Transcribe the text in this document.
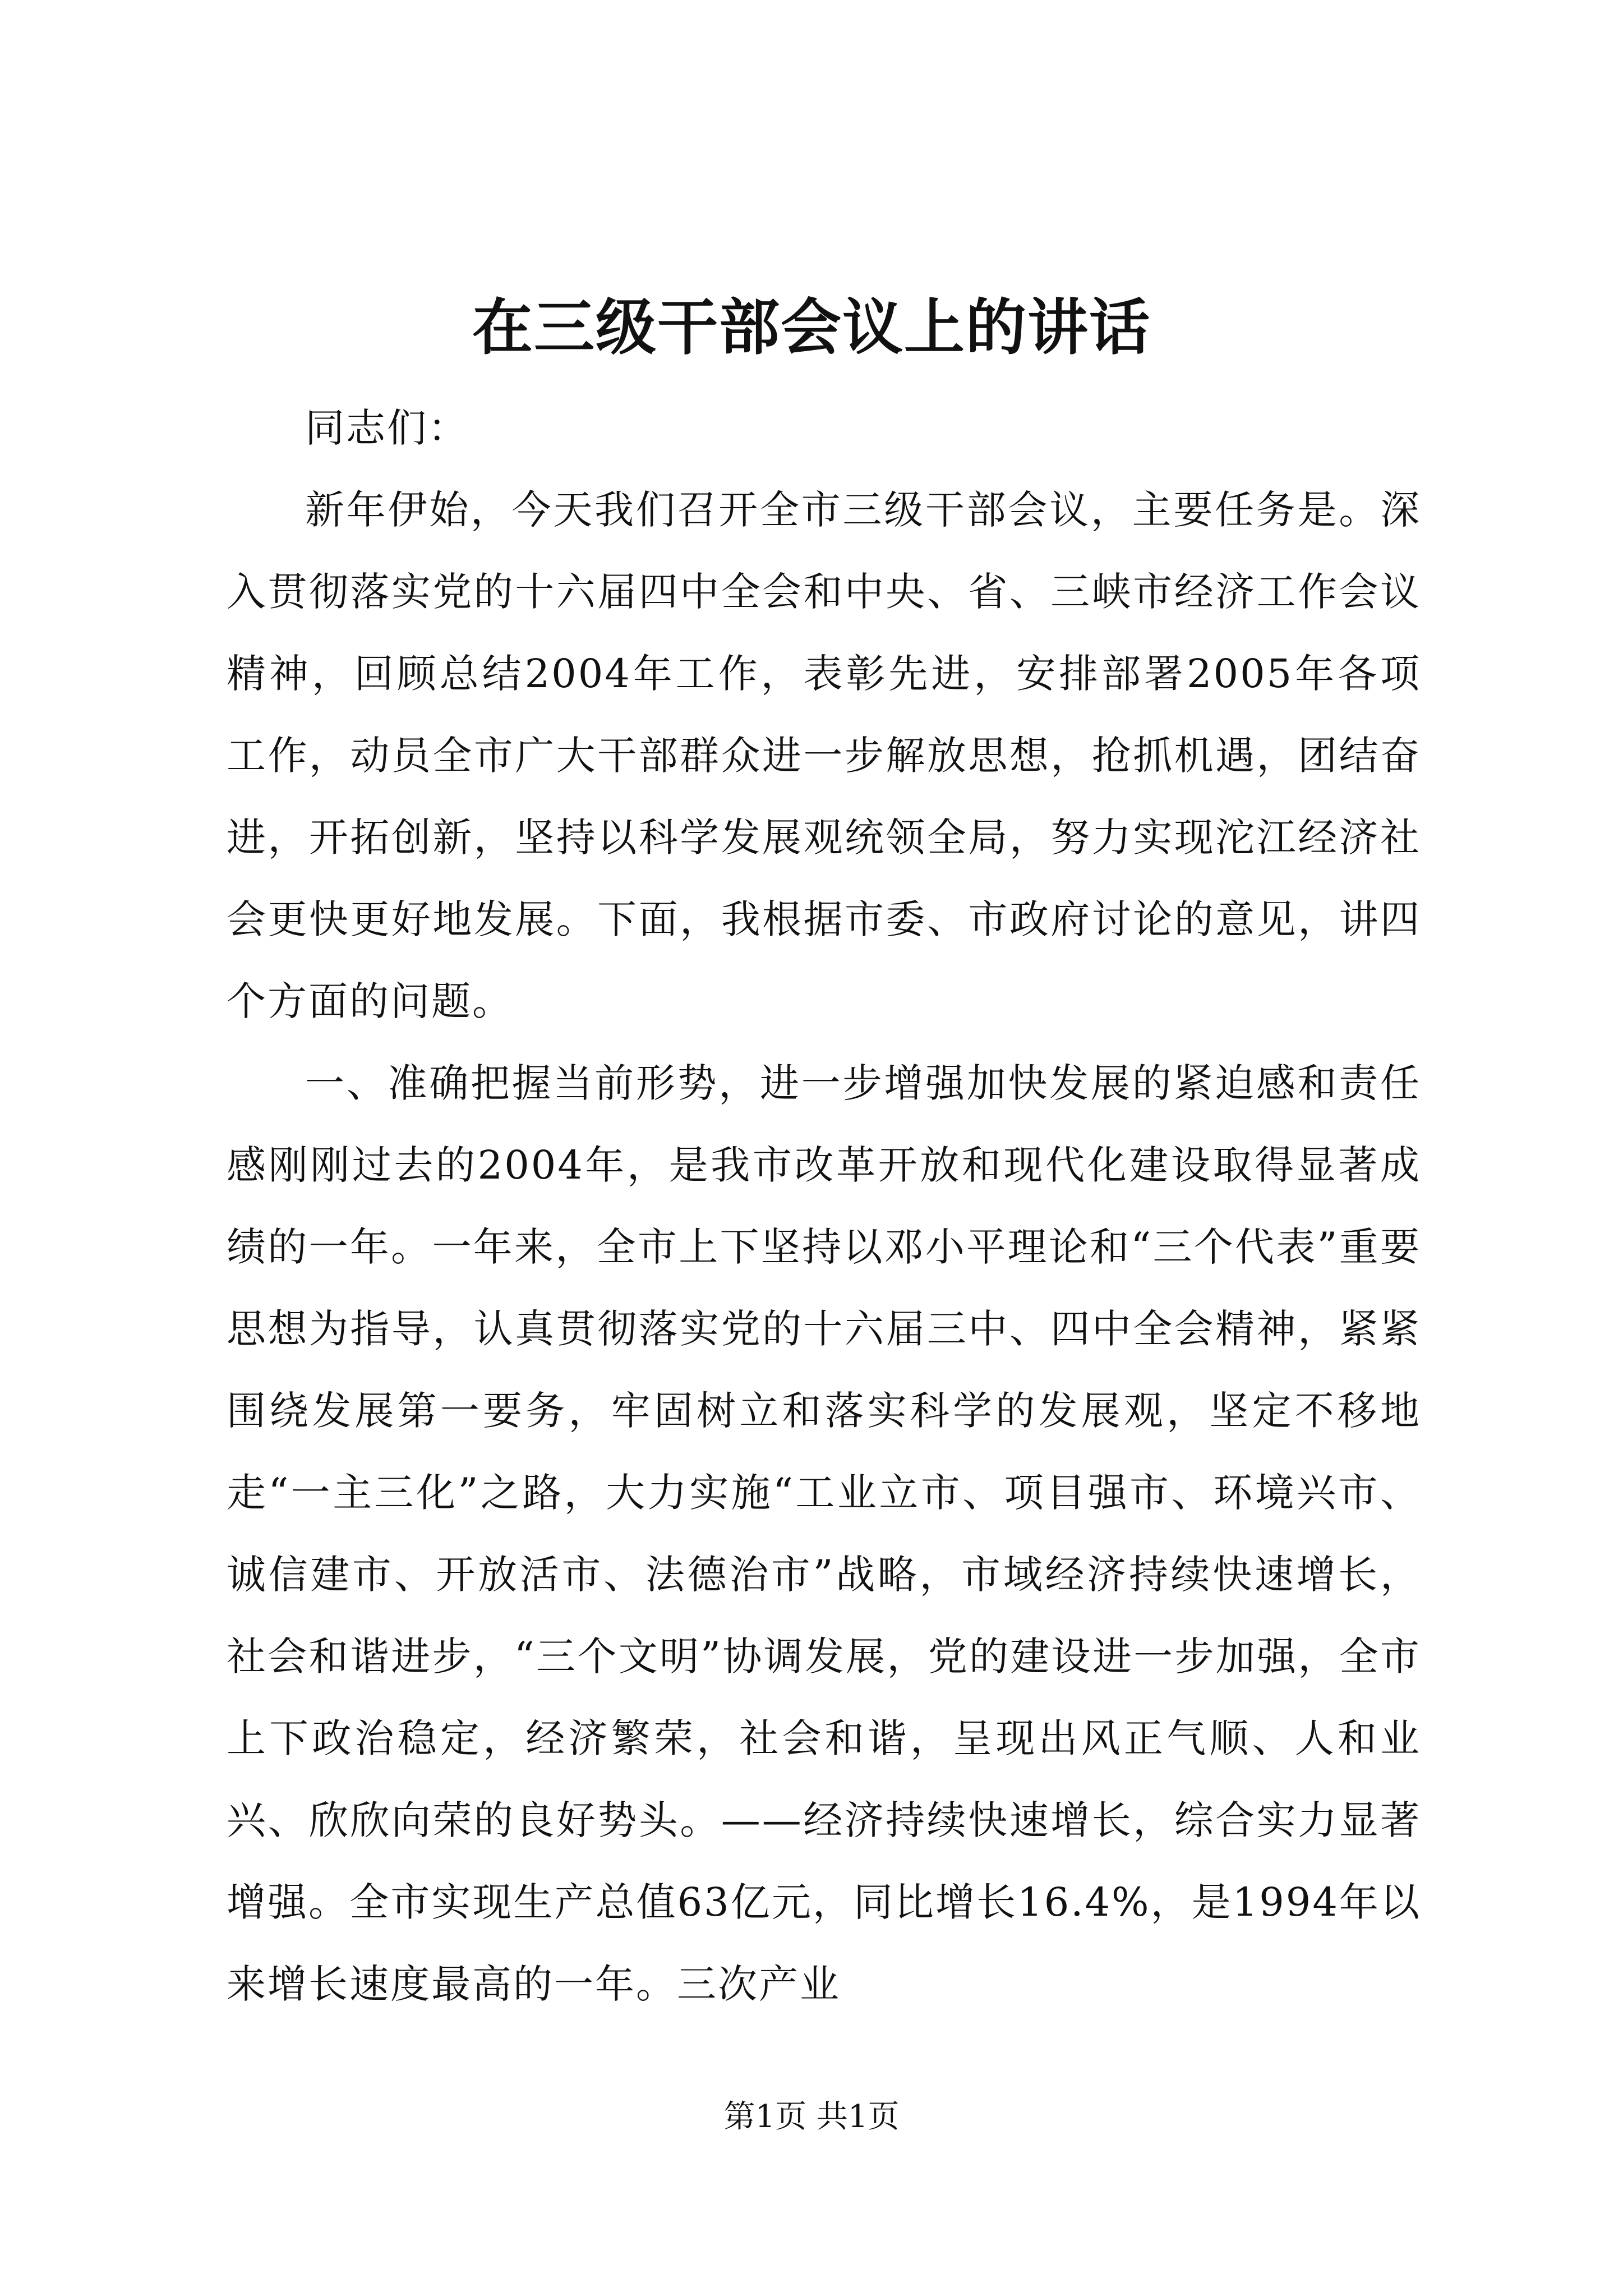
在三级干部会议上的讲话

同志们：

新年伊始，今天我们召开全市三级干部会议，主要任务是。深入贯彻落实党的十六届四中全会和中央、省、三峡市经济工作会议精神，回顾总结2004年工作，表彰先进，安排部署2005年各项工作，动员全市广大干部群众进一步解放思想，抢抓机遇，团结奋进，开拓创新，坚持以科学发展观统领全局，努力实现沱江经济社会更快更好地发展。下面，我根据市委、市政府讨论的意见，讲四个方面的问题。

一、准确把握当前形势，进一步增强加快发展的紧迫感和责任感刚刚过去的2004年，是我市改革开放和现代化建设取得显著成绩的一年。一年来，全市上下坚持以邓小平理论和“三个代表”重要思想为指导，认真贯彻落实党的十六届三中、四中全会精神，紧紧围绕发展第一要务，牢固树立和落实科学的发展观，坚定不移地走“一主三化”之路，大力实施“工业立市、项目强市、环境兴市、诚信建市、开放活市、法德治市”战略，市域经济持续快速增长，社会和谐进步，“三个文明”协调发展，党的建设进一步加强，全市上下政治稳定，经济繁荣，社会和谐，呈现出风正气顺、人和业兴、欣欣向荣的良好势头。——经济持续快速增长，综合实力显著增强。全市实现生产总值63亿元，同比增长16.4%，是1994年以来增长速度最高的一年。三次产业

第1页 共1页
